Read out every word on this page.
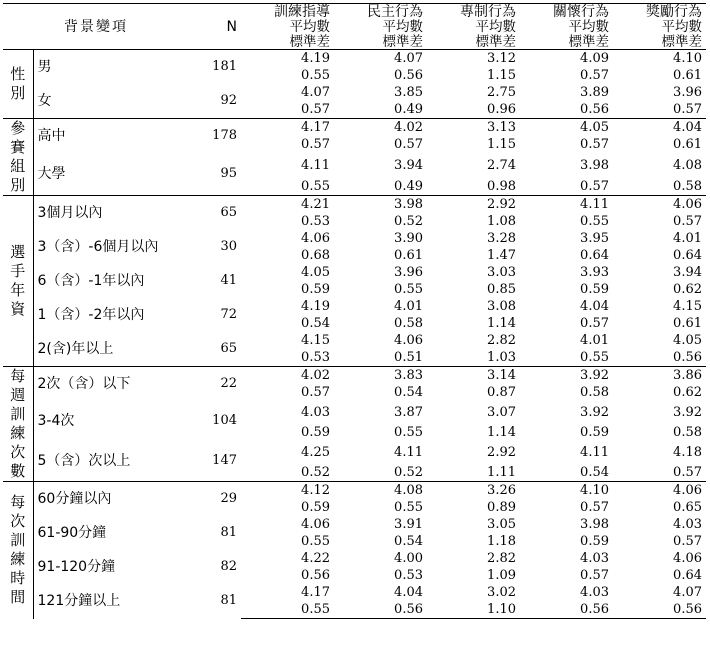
背景變項		N	訓練指導	民主行為	專制行為	關懷行為	獎勵行為
			平均數	平均數	平均數	平均數	平均數
			標準差	標準差	標準差	標準差	標準差

性別	男	181	4.19	4.07	3.12	4.09	4.10
			0.55	0.56	1.15	0.57	0.61
	女	92	4.07	3.85	2.75	3.89	3.96
			0.57	0.49	0.96	0.56	0.57

參賽組別	高中	178	4.17	4.02	3.13	4.05	4.04
			0.57	0.57	1.15	0.57	0.61
	大學	95	4.11	3.94	2.74	3.98	4.08
			0.55	0.49	0.98	0.57	0.58

選手年資	3個月以內	65	4.21	3.98	2.92	4.11	4.06
			0.53	0.52	1.08	0.55	0.57
	3（含）-6個月以內	30	4.06	3.90	3.28	3.95	4.01
			0.68	0.61	1.47	0.64	0.64
	6（含）-1年以內	41	4.05	3.96	3.03	3.93	3.94
			0.59	0.55	0.85	0.59	0.62
	1（含）-2年以內	72	4.19	4.01	3.08	4.04	4.15
			0.54	0.58	1.14	0.57	0.61
	2(含)年以上	65	4.15	4.06	2.82	4.01	4.05
			0.53	0.51	1.03	0.55	0.56

每週訓練次數	2次（含）以下	22	4.02	3.83	3.14	3.92	3.86
			0.57	0.54	0.87	0.58	0.62
	3-4次	104	4.03	3.87	3.07	3.92	3.92
			0.59	0.55	1.14	0.59	0.58
	5（含）次以上	147	4.25	4.11	2.92	4.11	4.18
			0.52	0.52	1.11	0.54	0.57

每次訓練時間	60分鐘以內	29	4.12	4.08	3.26	4.10	4.06
			0.59	0.55	0.89	0.57	0.65
	61-90分鐘	81	4.06	3.91	3.05	3.98	4.03
			0.55	0.54	1.18	0.59	0.57
	91-120分鐘	82	4.22	4.00	2.82	4.03	4.06
			0.56	0.53	1.09	0.57	0.64
	121分鐘以上	81	4.17	4.04	3.02	4.03	4.07
			0.55	0.56	1.10	0.56	0.56
